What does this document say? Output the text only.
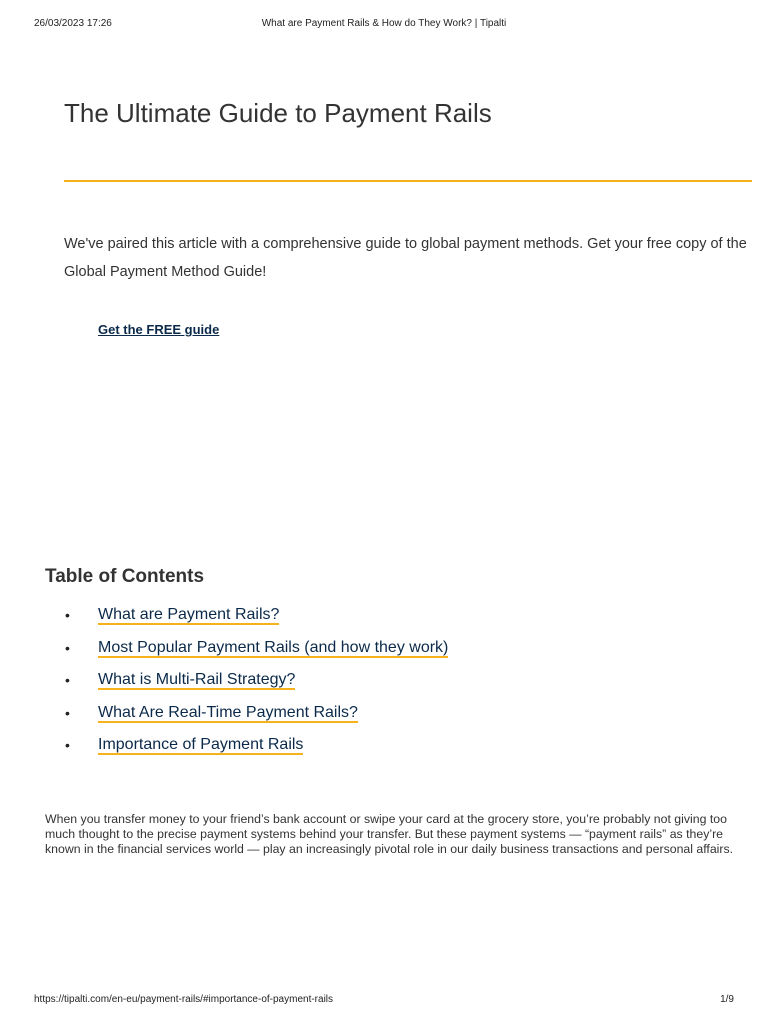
26/03/2023 17:26	What are Payment Rails & How do They Work? | Tipalti
The Ultimate Guide to Payment Rails

We've paired this article with a comprehensive guide to global payment methods. Get your free copy of the Global Payment Method Guide!

Get the FREE guide
Table of Contents
• What are Payment Rails?
• Most Popular Payment Rails (and how they work)
• What is Multi-Rail Strategy?
• What Are Real-Time Payment Rails?
• Importance of Payment Rails

When you transfer money to your friend’s bank account or swipe your card at the grocery store, you’re probably not giving too much thought to the precise payment systems behind your transfer. But these payment systems — “payment rails” as they’re known in the financial services world — play an increasingly pivotal role in our daily business transactions and personal affairs.

https://tipalti.com/en-eu/payment-rails/#importance-of-payment-rails	1/9
